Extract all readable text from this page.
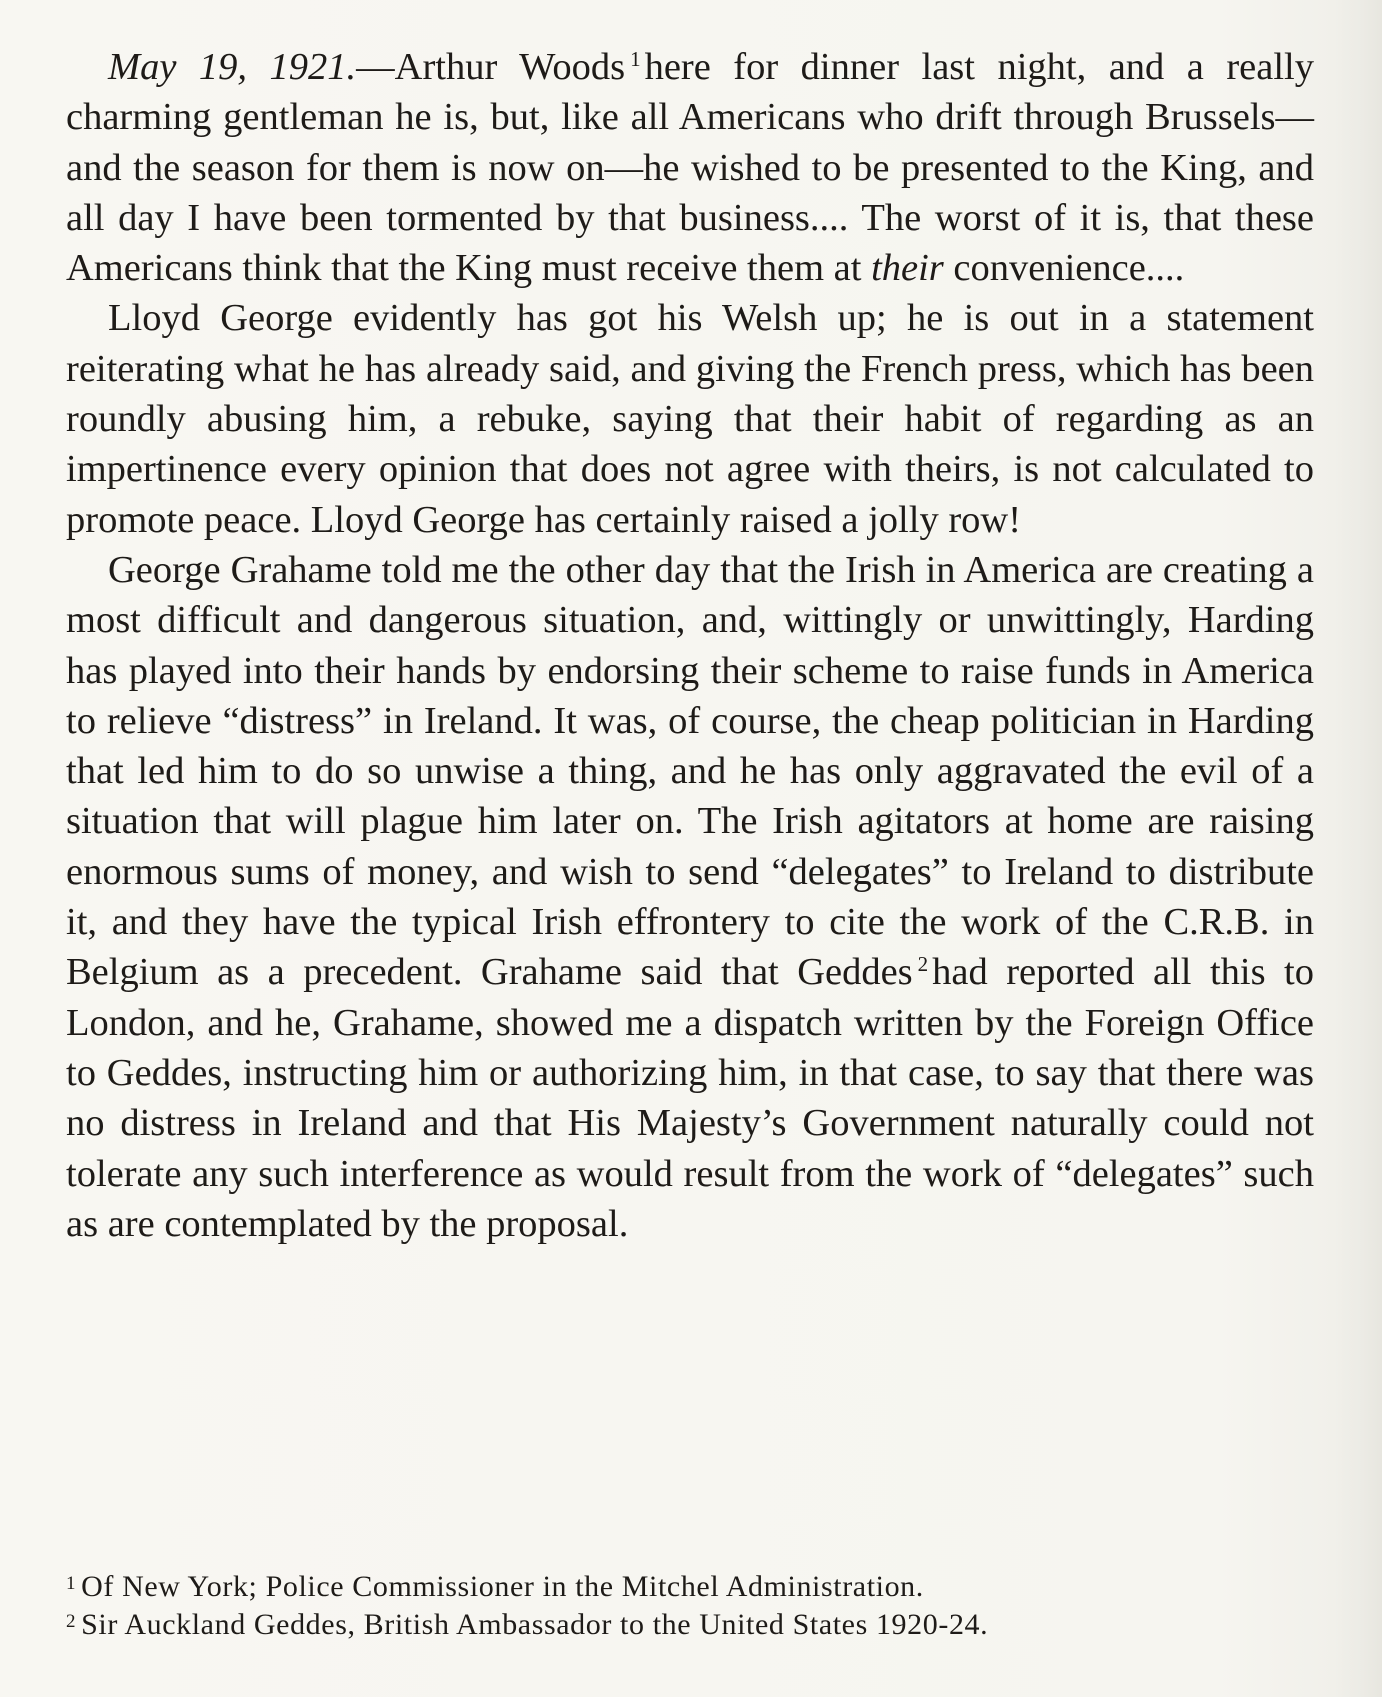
May 19, 1921.—Arthur Woods $^1$ here for dinner last night, and a really charming gentleman he is, but, like all Americans who drift through Brussels—and the season for them is now on—he wished to be presented to the King, and all day I have been tormented by that business.... The worst of it is, that these Americans think that the King must receive them at their convenience....

Lloyd George evidently has got his Welsh up; he is out in a statement reiterating what he has already said, and giving the French press, which has been roundly abusing him, a rebuke, saying that their habit of regarding as an impertinence every opinion that does not agree with theirs, is not calculated to promote peace. Lloyd George has certainly raised a jolly row!

George Grahame told me the other day that the Irish in America are creating a most difficult and dangerous situation, and, wittingly or unwittingly, Harding has played into their hands by endorsing their scheme to raise funds in America to relieve “distress” in Ireland. It was, of course, the cheap politician in Harding that led him to do so unwise a thing, and he has only aggravated the evil of a situation that will plague him later on. The Irish agitators at home are raising enormous sums of money, and wish to send “delegates” to Ireland to distribute it, and they have the typical Irish effrontery to cite the work of the C.R.B. in Belgium as a precedent. Grahame said that Geddes $^2$ had reported all this to London, and he, Grahame, showed me a dispatch written by the Foreign Office to Geddes, instructing him or authorizing him, in that case, to say that there was no distress in Ireland and that His Majesty’s Government naturally could not tolerate any such interference as would result from the work of “delegates” such as are contemplated by the proposal.

$^1$ Of New York; Police Commissioner in the Mitchel Administration.

$^2$ Sir Auckland Geddes, British Ambassador to the United States 1920-24.
